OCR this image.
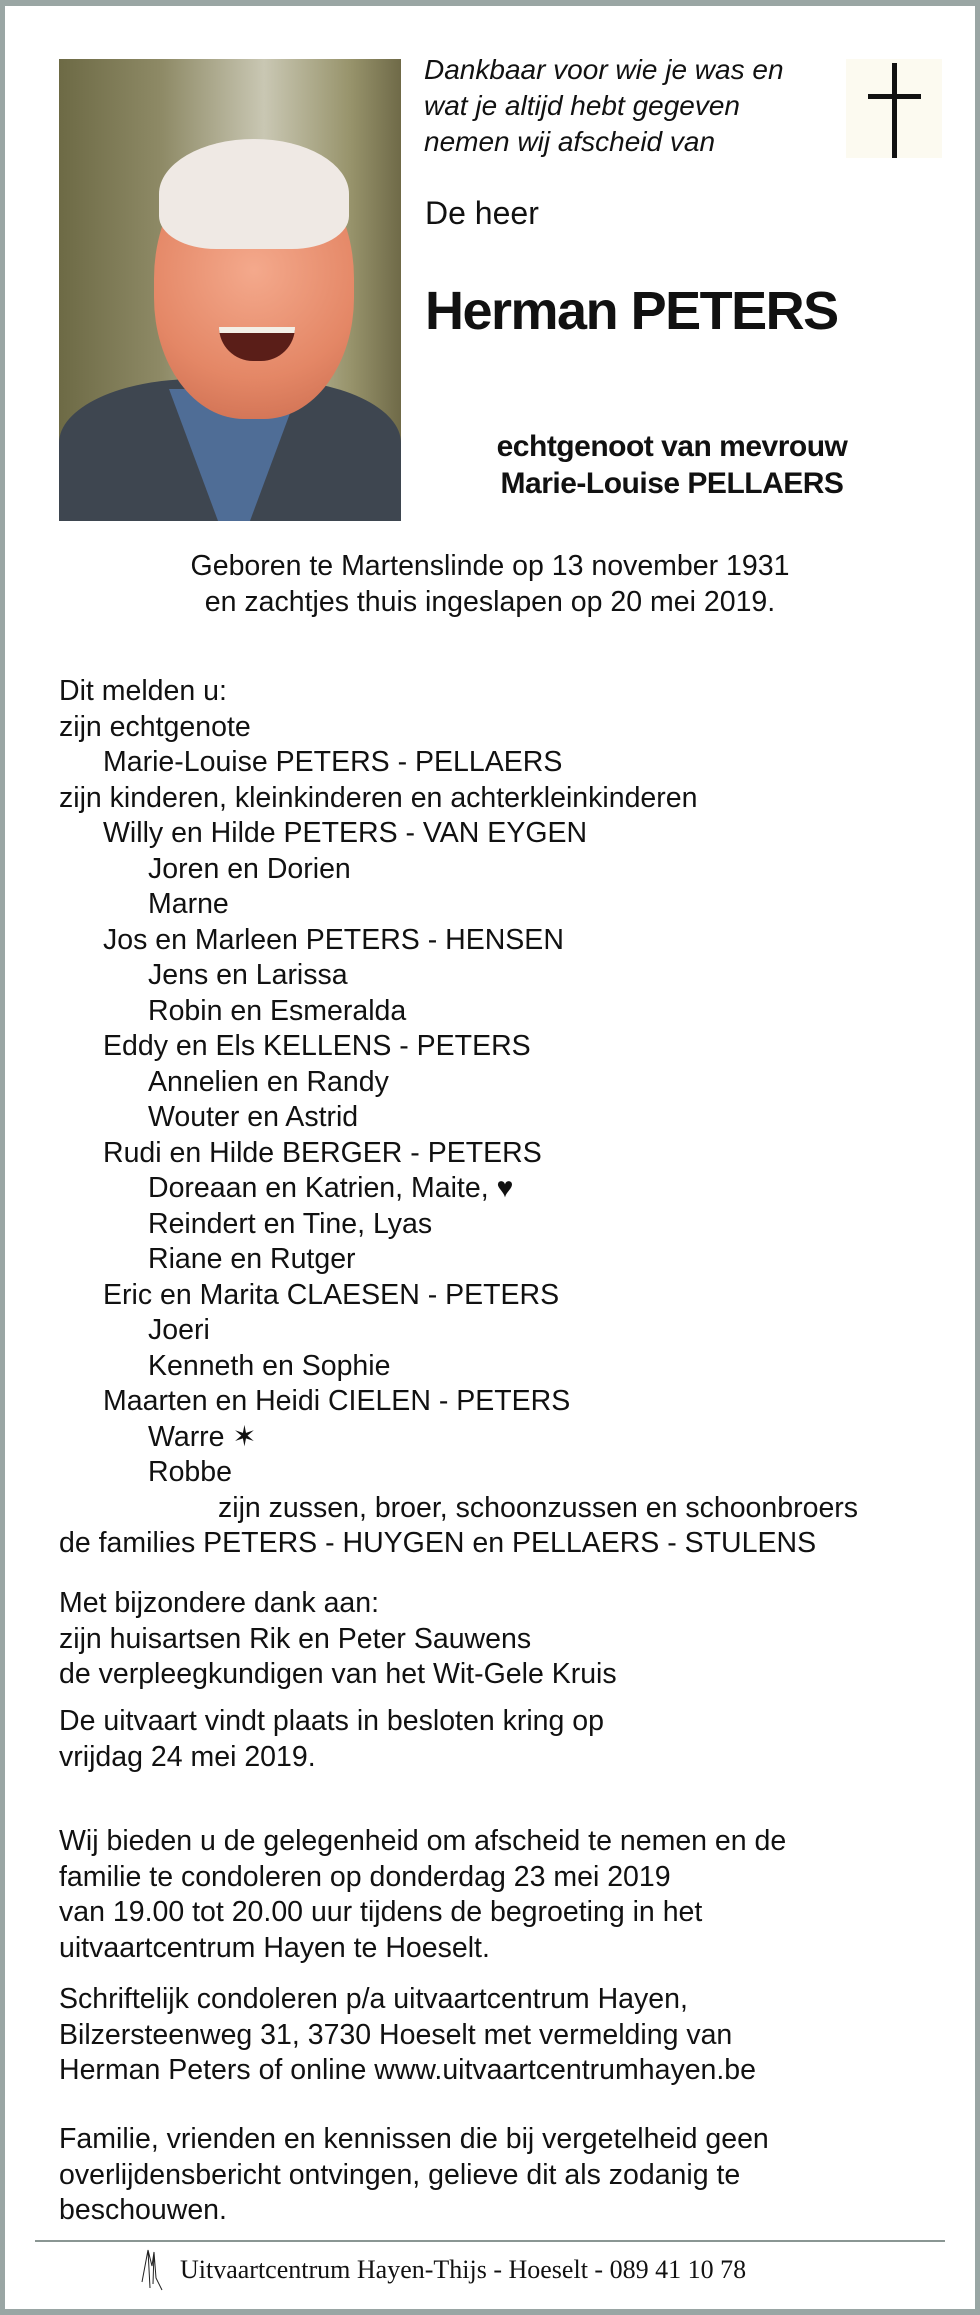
Dankbaar voor wie je was en
wat je altijd hebt gegeven
nemen wij afscheid van
De heer
Herman PETERS
echtgenoot van mevrouw
Marie-Louise PELLAERS
Geboren te Martenslinde op 13 november 1931
en zachtjes thuis ingeslapen op 20 mei 2019.
Dit melden u:
zijn echtgenote
Marie-Louise PETERS - PELLAERS
zijn kinderen, kleinkinderen en achterkleinkinderen
Willy en Hilde PETERS - VAN EYGEN
Joren en Dorien
Marne
Jos en Marleen PETERS - HENSEN
Jens en Larissa
Robin en Esmeralda
Eddy en Els KELLENS - PETERS
Annelien en Randy
Wouter en Astrid
Rudi en Hilde BERGER - PETERS
Doreaan en Katrien, Maite, ♥
Reindert en Tine, Lyas
Riane en Rutger
Eric en Marita CLAESEN - PETERS
Joeri
Kenneth en Sophie
Maarten en Heidi CIELEN - PETERS
Warre ✶
Robbe
zijn zussen, broer, schoonzussen en schoonbroers
de families PETERS - HUYGEN en PELLAERS - STULENS
Met bijzondere dank aan:
zijn huisartsen Rik en Peter Sauwens
de verpleegkundigen van het Wit-Gele Kruis
De uitvaart vindt plaats in besloten kring op
vrijdag 24 mei 2019.
Wij bieden u de gelegenheid om afscheid te nemen en de
familie te condoleren op donderdag 23 mei 2019
van 19.00 tot 20.00 uur tijdens de begroeting in het
uitvaartcentrum Hayen te Hoeselt.
Schriftelijk condoleren p/a uitvaartcentrum Hayen,
Bilzersteenweg 31, 3730 Hoeselt met vermelding van
Herman Peters of online www.uitvaartcentrumhayen.be
Familie, vrienden en kennissen die bij vergetelheid geen
overlijdensbericht ontvingen, gelieve dit als zodanig te
beschouwen.
Uitvaartcentrum Hayen-Thijs - Hoeselt - 089 41 10 78
